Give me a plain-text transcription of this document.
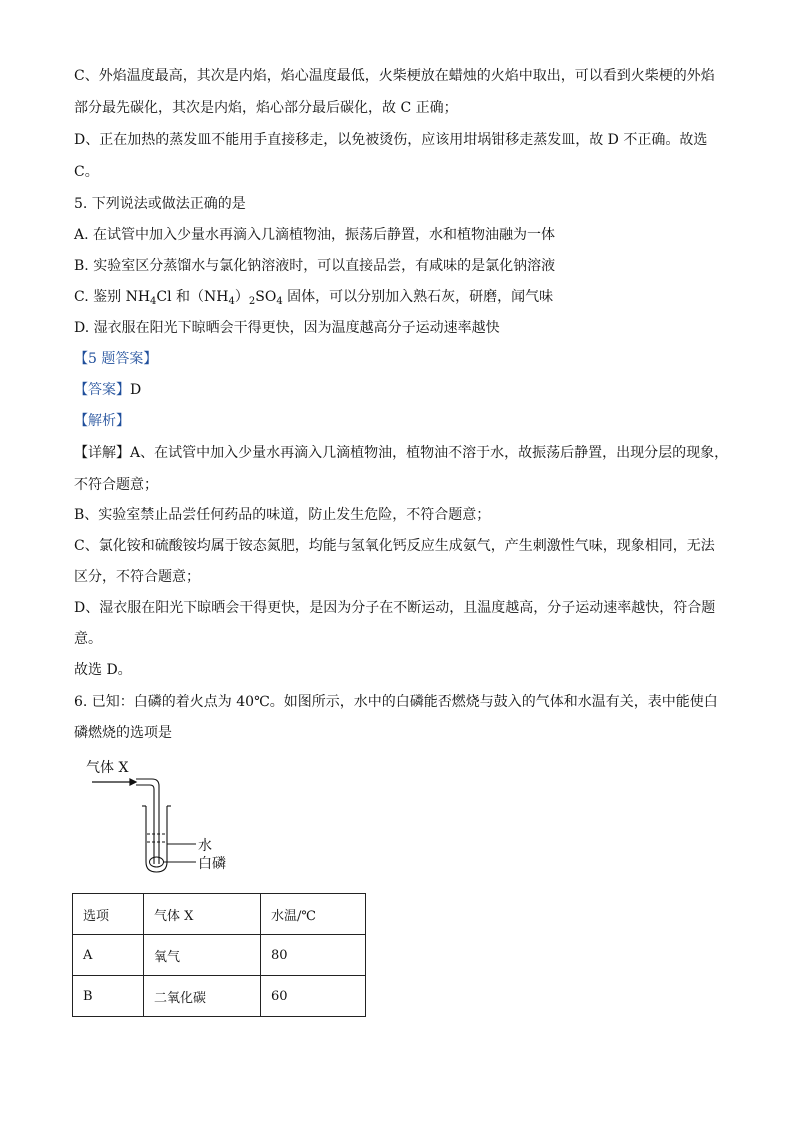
C、外焰温度最高，其次是内焰，焰心温度最低，火柴梗放在蜡烛的火焰中取出，可以看到火柴梗的外焰
部分最先碳化，其次是内焰，焰心部分最后碳化，故 C 正确；
D、正在加热的蒸发皿不能用手直接移走，以免被烫伤，应该用坩埚钳移走蒸发皿，故 D 不正确。故选
C。
5. 下列说法或做法正确的是
A. 在试管中加入少量水再滴入几滴植物油，振荡后静置，水和植物油融为一体
B. 实验室区分蒸馏水与氯化钠溶液时，可以直接品尝，有咸味的是氯化钠溶液
C. 鉴别 $NH_4Cl$ 和$(NH_4)_2SO_4$ 固体，可以分别加入熟石灰，研磨，闻气味
D. 湿衣服在阳光下晾晒会干得更快，因为温度越高分子运动速率越快
【5 题答案】
【答案】D
【解析】
【详解】A、在试管中加入少量水再滴入几滴植物油，植物油不溶于水，故振荡后静置，出现分层的现象，
不符合题意；
B、实验室禁止品尝任何药品的味道，防止发生危险，不符合题意；
C、氯化铵和硫酸铵均属于铵态氮肥，均能与氢氧化钙反应生成氨气，产生刺激性气味，现象相同，无法
区分，不符合题意；
D、湿衣服在阳光下晾晒会干得更快，是因为分子在不断运动，且温度越高，分子运动速率越快，符合题
意。
故选 D。
6. 已知：白磷的着火点为 40℃。如图所示，水中的白磷能否燃烧与鼓入的气体和水温有关，表中能使白
磷燃烧的选项是
气体 X
水
白磷
选项	气体 X	水温/℃
A	氧气	80
B	二氧化碳	60
